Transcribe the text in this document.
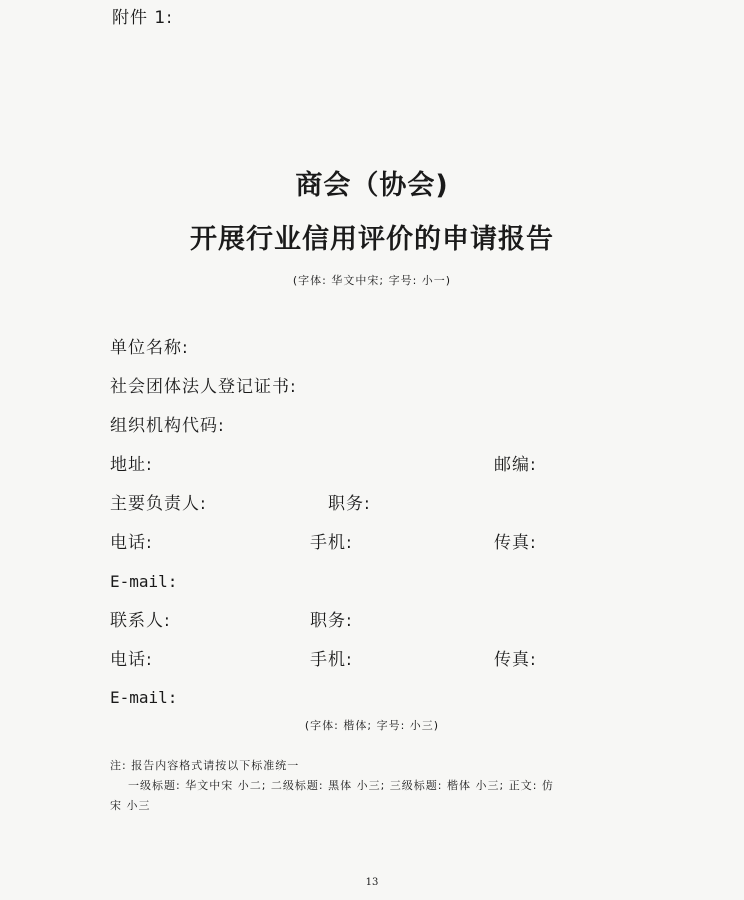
附件 1:
商会（协会)
开展行业信用评价的申请报告
(字体: 华文中宋; 字号: 小一)
单位名称:
社会团体法人登记证书:
组织机构代码:
地址:	邮编:
主要负责人:	职务:
电话:	手机:	传真:
E-mail:
联系人:	职务:
电话:	手机:	传真:
E-mail:
(字体: 楷体; 字号: 小三)
注: 报告内容格式请按以下标准统一
一级标题: 华文中宋 小二; 二级标题: 黑体 小三; 三级标题: 楷体 小三; 正文: 仿
宋 小三
13
